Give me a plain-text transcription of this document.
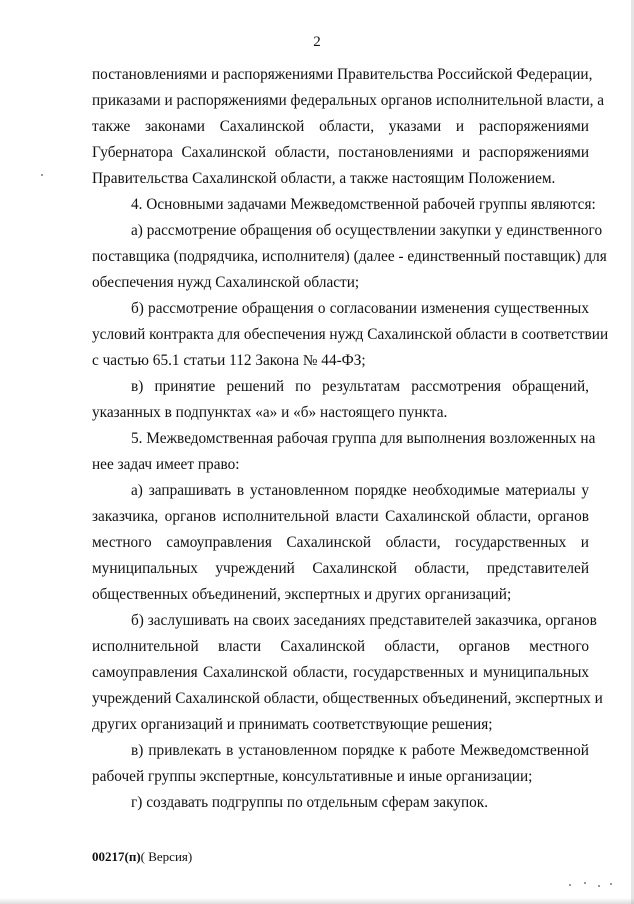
2
постановлениями и распоряжениями Правительства Российской Федерации,
приказами и распоряжениями федеральных органов исполнительной власти, а
также законами Сахалинской области, указами и распоряжениями
Губернатора Сахалинской области, постановлениями и распоряжениями
Правительства Сахалинской области, а также настоящим Положением.
4. Основными задачами Межведомственной рабочей группы являются:
а) рассмотрение обращения об осуществлении закупки у единственного
поставщика (подрядчика, исполнителя) (далее - единственный поставщик) для
обеспечения нужд Сахалинской области;
б) рассмотрение обращения о согласовании изменения существенных
условий контракта для обеспечения нужд Сахалинской области в соответствии
с частью 65.1 статьи 112 Закона № 44-ФЗ;
в) принятие решений по результатам рассмотрения обращений,
указанных в подпунктах «а» и «б» настоящего пункта.
5. Межведомственная рабочая группа для выполнения возложенных на
нее задач имеет право:
а) запрашивать в установленном порядке необходимые материалы у
заказчика, органов исполнительной власти Сахалинской области, органов
местного самоуправления Сахалинской области, государственных и
муниципальных учреждений Сахалинской области, представителей
общественных объединений, экспертных и других организаций;
б) заслушивать на своих заседаниях представителей заказчика, органов
исполнительной власти Сахалинской области, органов местного
самоуправления Сахалинской области, государственных и муниципальных
учреждений Сахалинской области, общественных объединений, экспертных и
других организаций и принимать соответствующие решения;
в) привлекать в установленном порядке к работе Межведомственной
рабочей группы экспертные, консультативные и иные организации;
г) создавать подгруппы по отдельным сферам закупок.
00217(п)( Версия)
